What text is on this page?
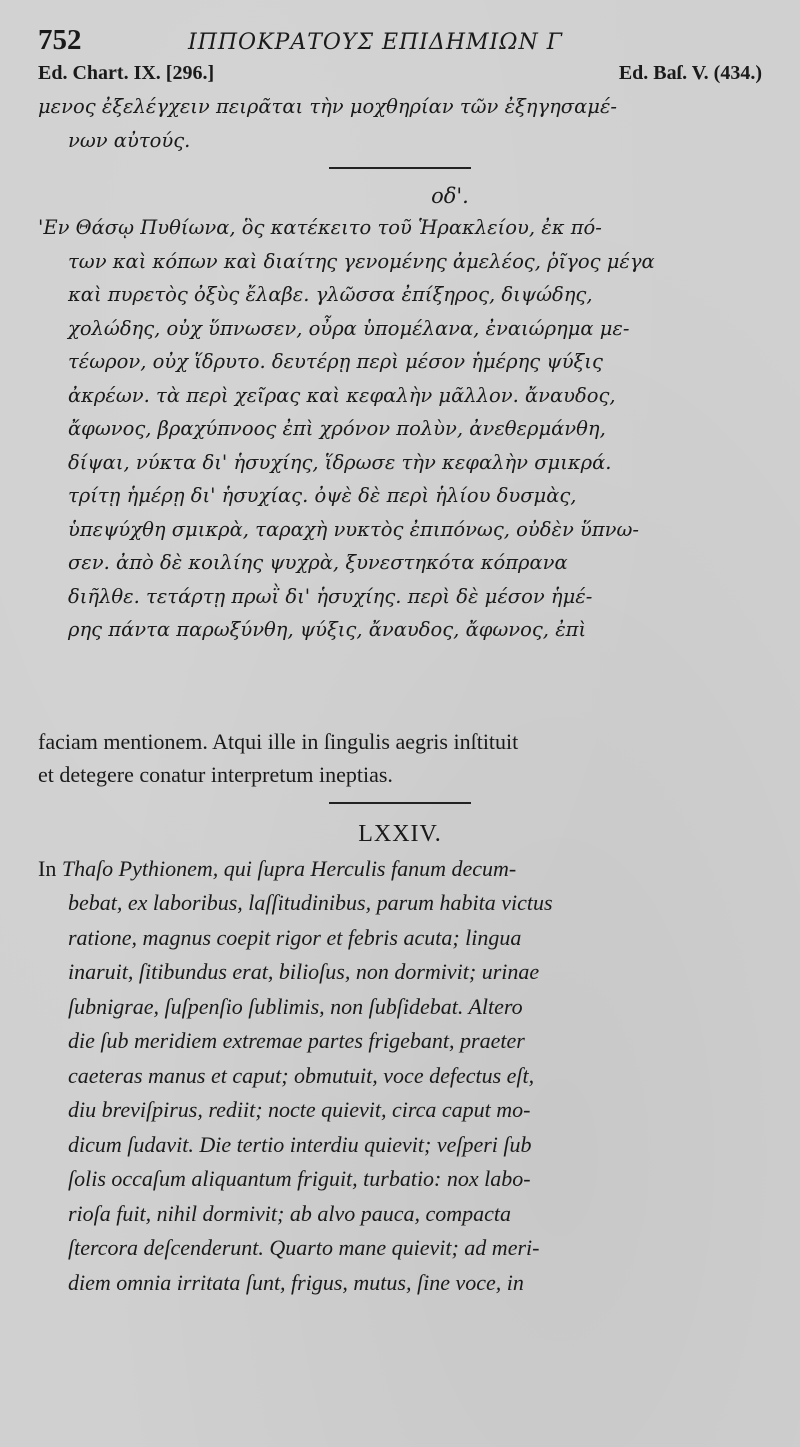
752	ΙΠΠΟΚΡΑΤΟΥΣ ΕΠΙΔΗΜΙΩΝ Γ
Ed. Chart. IX. [296.]	Ed. Baſ. V. (434.)
μενος ἐξελέγχειν πειρᾶται τὴν μοχθηρίαν τῶν ἐξηγησαμέ-
νων αὐτούς.
οδ'.
'Εν Θάσῳ Πυθίωνα, ὃς κατέκειτο τοῦ Ἡρακλείου, ἐκ πό-
των καὶ κόπων καὶ διαίτης γενομένης ἀμελέος, ῥῖγος μέγα
καὶ πυρετὸς ὀξὺς ἔλαβε. γλῶσσα ἐπίξηρος, διψώδης,
χολώδης, οὐχ ὕπνωσεν, οὖρα ὑπομέλανα, ἐναιώρημα με-
τέωρον, οὐχ ἵδρυτο. δευτέρῃ περὶ μέσον ἡμέρης ψύξις
ἀκρέων. τὰ περὶ χεῖρας καὶ κεφαλὴν μᾶλλον. ἄναυδος,
ἄφωνος, βραχύπνοος ἐπὶ χρόνον πολὺν, ἀνεθερμάνθη,
δίψαι, νύκτα δι' ἡσυχίης, ἵδρωσε τὴν κεφαλὴν σμικρά.
τρίτῃ ἡμέρῃ δι' ἡσυχίας. ὀψὲ δὲ περὶ ἡλίου δυσμὰς,
ὑπεψύχθη σμικρὰ, ταραχὴ νυκτὸς ἐπιπόνως, οὐδὲν ὕπνω-
σεν. ἀπὸ δὲ κοιλίης ψυχρὰ, ξυνεστηκότα κόπρανα
διῆλθε. τετάρτῃ πρωῒ δι' ἡσυχίης. περὶ δὲ μέσον ἡμέ-
ρης πάντα παρωξύνθη, ψύξις, ἄναυδος, ἄφωνος, ἐπὶ
faciam mentionem. Atqui ille in ſingulis aegris inſtituit
et detegere conatur interpretum ineptias.
LXXIV.
In Thaſo Pythionem, qui ſupra Herculis fanum decum-
bebat, ex laboribus, laſſitudinibus, parum habita victus
ratione, magnus coepit rigor et febris acuta; lingua
inaruit, ſitibundus erat, bilioſus, non dormivit; urinae
ſubnigrae, ſuſpenſio ſublimis, non ſubſidebat. Altero
die ſub meridiem extremae partes frigebant, praeter
caeteras manus et caput; obmutuit, voce defectus eſt,
diu breviſpirus, rediit; nocte quievit, circa caput mo-
dicum ſudavit. Die tertio interdiu quievit; veſperi ſub
ſolis occaſum aliquantum friguit, turbatio: nox labo-
rioſa fuit, nihil dormivit; ab alvo pauca, compacta
ſtercora deſcenderunt. Quarto mane quievit; ad meri-
diem omnia irritata ſunt, frigus, mutus, ſine voce, in
